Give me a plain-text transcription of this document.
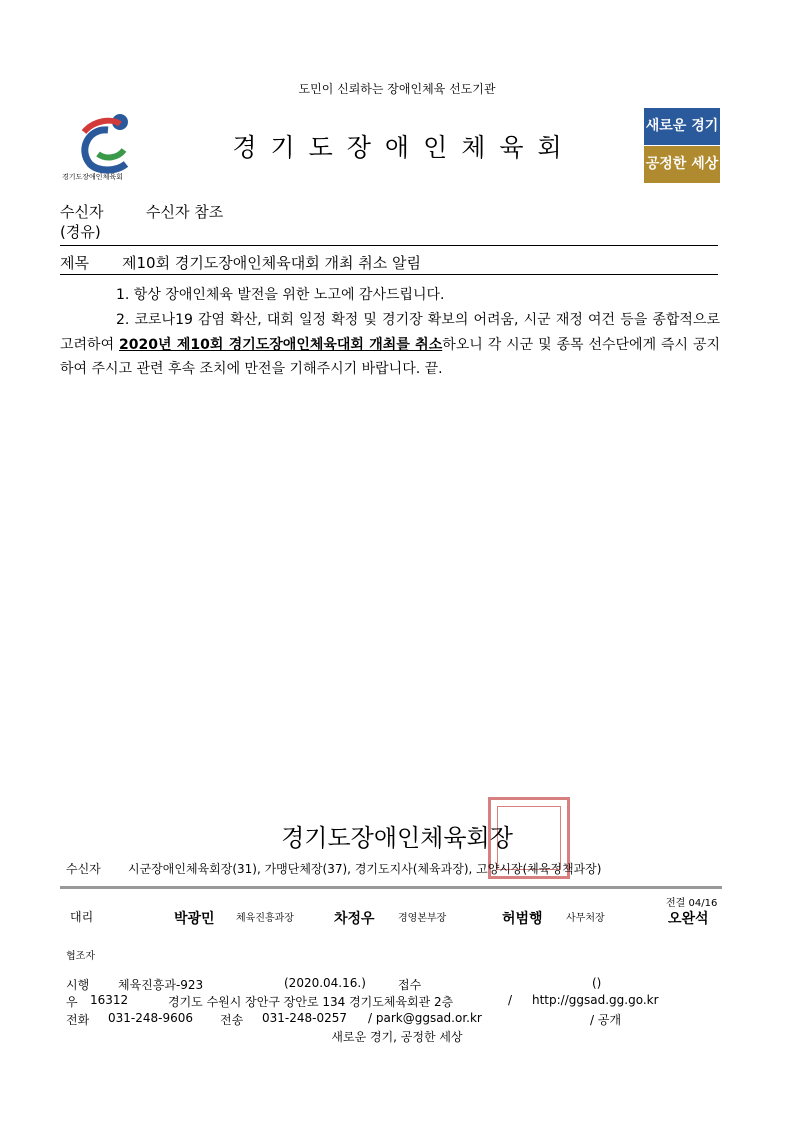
도민이 신뢰하는 장애인체육 선도기관
경기도장애인체육회
경기도장애인체육회
새로운 경기
공정한 세상
수신자	수신자 참조
(경유)
제목 제10회 경기도장애인체육대회 개최 취소 알림
1. 항상 장애인체육 발전을 위한 노고에 감사드립니다.
2. 코로나19 감염 확산, 대회 일정 확정 및 경기장 확보의 어려움, 시군 재정 여건 등을 종합적으로 고려하여 2020년 제10회 경기도장애인체육대회 개최를 취소하오니 각 시군 및 종목 선수단에게 즉시 공지하여 주시고 관련 후속 조치에 만전을 기해주시기 바랍니다. 끝.
경기도장애인체육회장
수신자 시군장애인체육회장(31), 가맹단체장(37), 경기도지사(체육과장), 고양시장(체육정책과장)
대리	박광민 체육진흥과장	차정우 경영본부장	허범행 사무처장
전결 04/16
오완석
협조자
시행 체육진흥과-923	(2020.04.16.)	접수	()
우 16312	경기도 수원시 장안구 장안로 134 경기도체육회관 2층	/ http://ggsad.gg.go.kr
전화 031-248-9606 전송 031-248-0257 / park@ggsad.or.kr	/ 공개
새로운 경기, 공정한 세상
